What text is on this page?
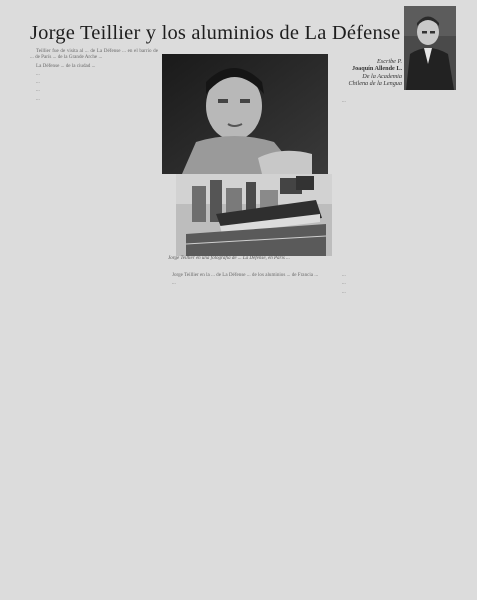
Jorge Teillier y los aluminios de La Défense
Escribe P.
Joaquín Allende L.
De la Academia
Chilena de la Lengua
Jorge Teillier en una fotografía de ... La Défense, en París ...

Teillier fue de visita al ... de La Défense ... en el barrio de ... de París ... de la Grande Arche ...

La Défense ... de la ciudad ...

...

...

...

...

Jorge Teillier en la ... de La Défense ... de los aluminios ... de Francia ...

...

...

...

...

...
